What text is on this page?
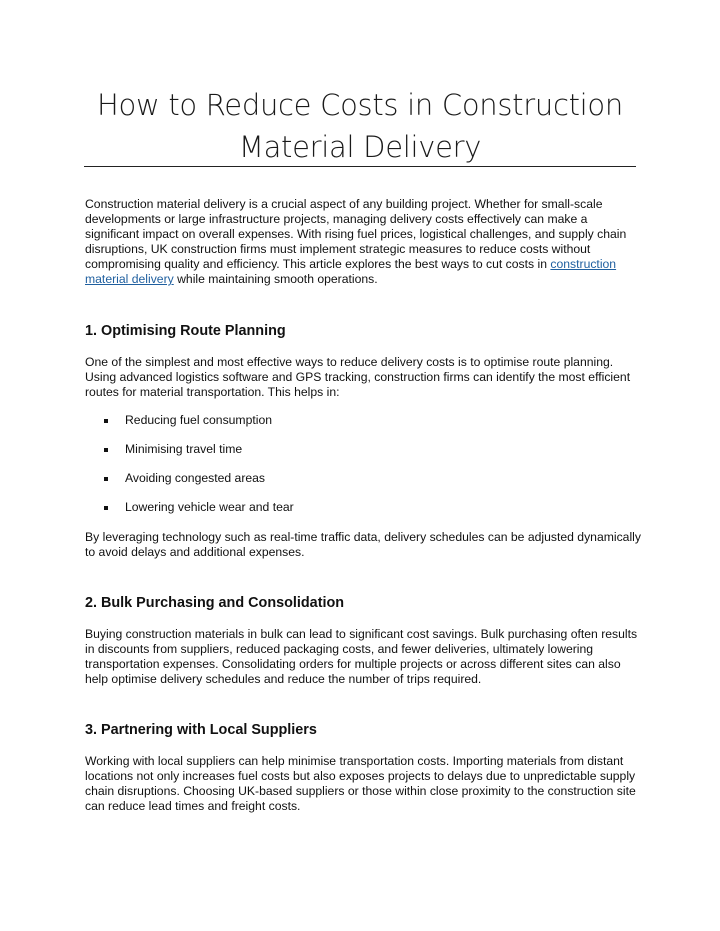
How to Reduce Costs in Construction
Material Delivery

Construction material delivery is a crucial aspect of any building project. Whether for small-scale developments or large infrastructure projects, managing delivery costs effectively can make a significant impact on overall expenses. With rising fuel prices, logistical challenges, and supply chain disruptions, UK construction firms must implement strategic measures to reduce costs without compromising quality and efficiency. This article explores the best ways to cut costs in construction material delivery while maintaining smooth operations.

1. Optimising Route Planning

One of the simplest and most effective ways to reduce delivery costs is to optimise route planning. Using advanced logistics software and GPS tracking, construction firms can identify the most efficient routes for material transportation. This helps in:

Reducing fuel consumption
Minimising travel time
Avoiding congested areas
Lowering vehicle wear and tear

By leveraging technology such as real-time traffic data, delivery schedules can be adjusted dynamically to avoid delays and additional expenses.

2. Bulk Purchasing and Consolidation

Buying construction materials in bulk can lead to significant cost savings. Bulk purchasing often results in discounts from suppliers, reduced packaging costs, and fewer deliveries, ultimately lowering transportation expenses. Consolidating orders for multiple projects or across different sites can also help optimise delivery schedules and reduce the number of trips required.

3. Partnering with Local Suppliers

Working with local suppliers can help minimise transportation costs. Importing materials from distant locations not only increases fuel costs but also exposes projects to delays due to unpredictable supply chain disruptions. Choosing UK-based suppliers or those within close proximity to the construction site can reduce lead times and freight costs.
